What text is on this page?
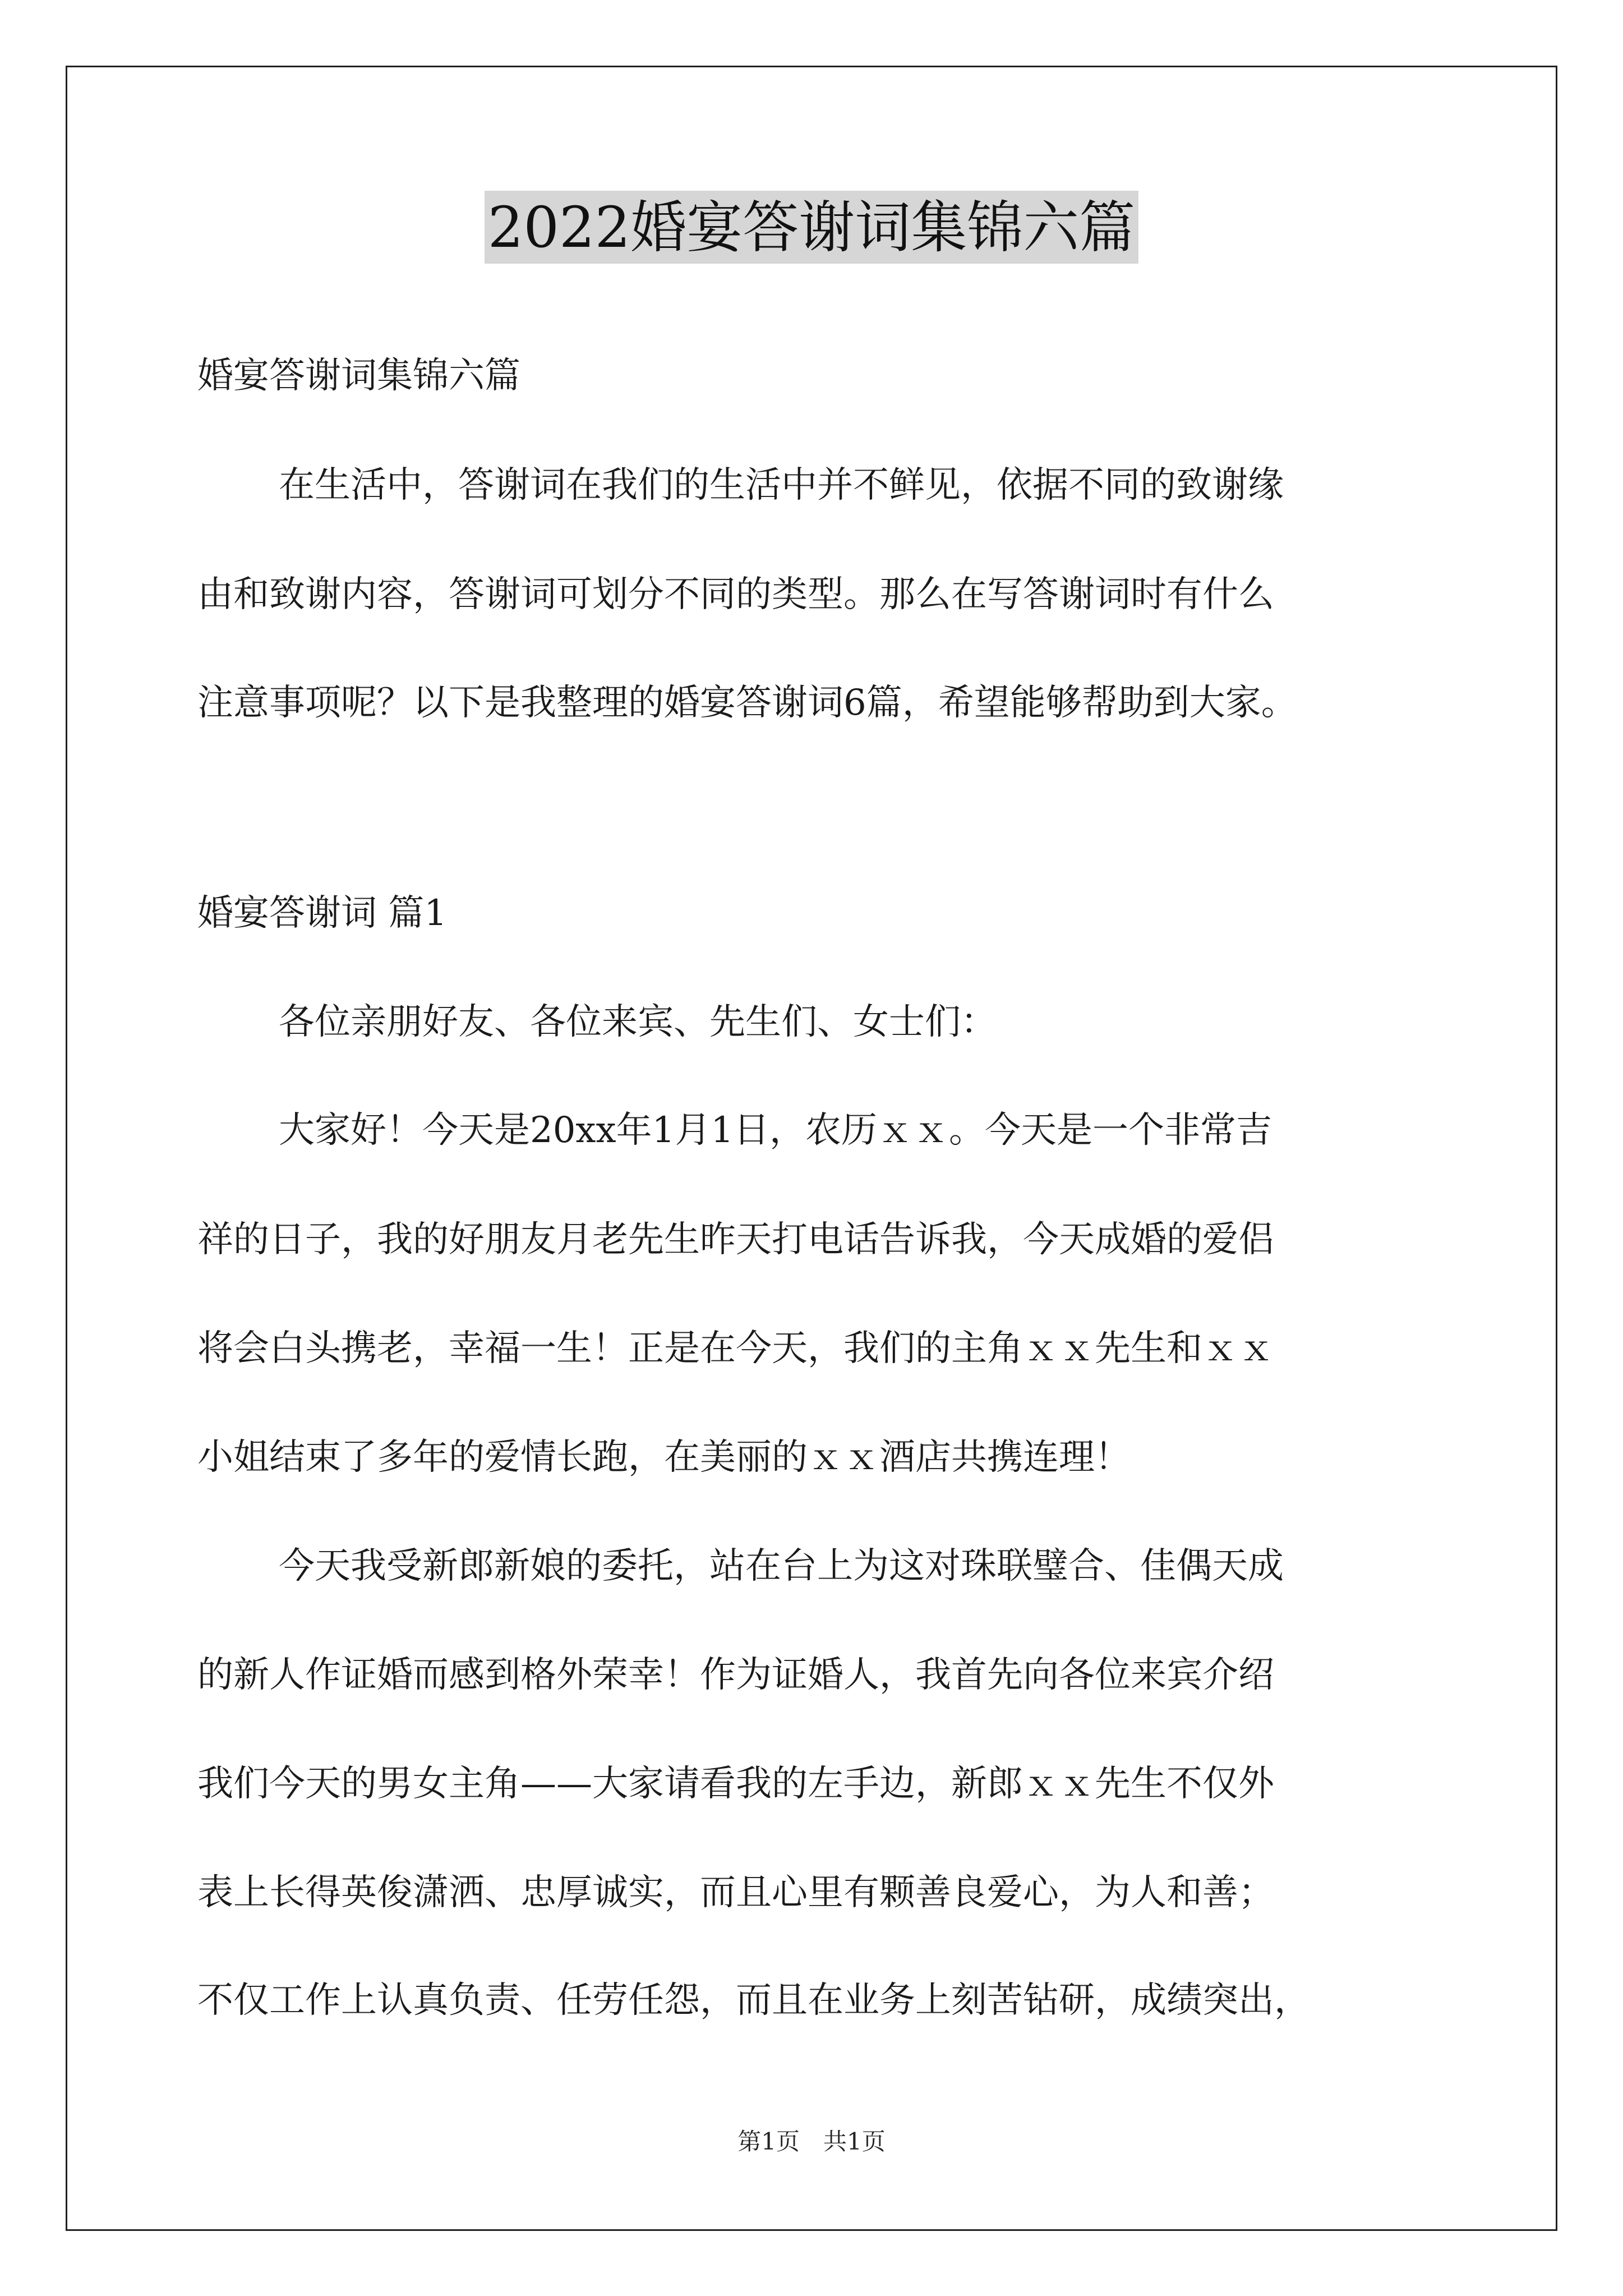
2022婚宴答谢词集锦六篇

婚宴答谢词集锦六篇

在生活中，答谢词在我们的生活中并不鲜见，依据不同的致谢缘

由和致谢内容，答谢词可划分不同的类型。那么在写答谢词时有什么

注意事项呢？以下是我整理的婚宴答谢词6篇，希望能够帮助到大家。

婚宴答谢词 篇1

各位亲朋好友、各位来宾、先生们、女士们：

大家好！今天是20xx年1月1日，农历ｘｘ。今天是一个非常吉

祥的日子，我的好朋友月老先生昨天打电话告诉我，今天成婚的爱侣

将会白头携老，幸福一生！正是在今天，我们的主角ｘｘ先生和ｘｘ

小姐结束了多年的爱情长跑，在美丽的ｘｘ酒店共携连理！

今天我受新郎新娘的委托，站在台上为这对珠联璧合、佳偶天成

的新人作证婚而感到格外荣幸！作为证婚人，我首先向各位来宾介绍

我们今天的男女主角——大家请看我的左手边，新郎ｘｘ先生不仅外

表上长得英俊潇洒、忠厚诚实，而且心里有颗善良爱心，为人和善；

不仅工作上认真负责、任劳任怨，而且在业务上刻苦钻研，成绩突出，

第1页　共1页
